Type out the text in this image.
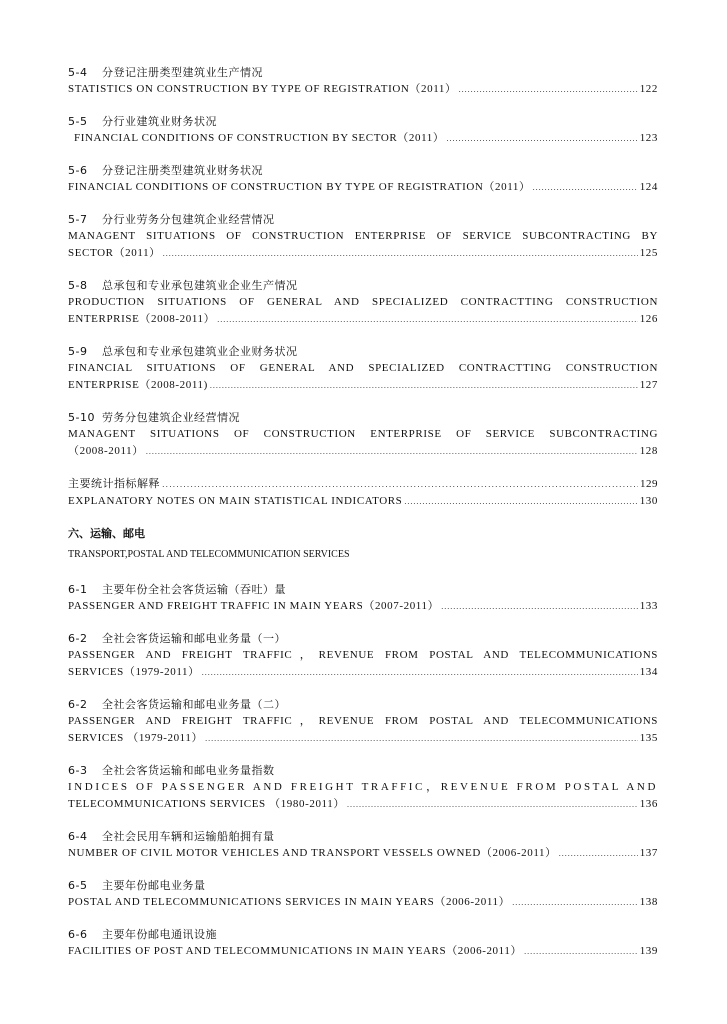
5-4 分登记注册类型建筑业生产情况
STATISTICS ON CONSTRUCTION BY TYPE OF REGISTRATION（2011） .....	122
5-5 分行业建筑业财务状况
FINANCIAL CONDITIONS OF CONSTRUCTION BY SECTOR（2011） .....	123
5-6 分登记注册类型建筑业财务状况
FINANCIAL CONDITIONS OF CONSTRUCTION BY TYPE OF REGISTRATION（2011） .....	124
5-7 分行业劳务分包建筑企业经营情况
MANAGENT SITUATIONS OF CONSTRUCTION ENTERPRISE OF SERVICE SUBCONTRACTING BY
SECTOR（2011） .....	125
5-8 总承包和专业承包建筑业企业生产情况
PRODUCTION SITUATIONS OF GENERAL AND SPECIALIZED CONTRACTTING CONSTRUCTION
ENTERPRISE（2008-2011） .....	126
5-9 总承包和专业承包建筑业企业财务状况
FINANCIAL SITUATIONS OF GENERAL AND SPECIALIZED CONTRACTTING CONSTRUCTION
ENTERPRISE（2008-2011) .....	127
5-10 劳务分包建筑企业经营情况
MANAGENT SITUATIONS OF CONSTRUCTION ENTERPRISE OF SERVICE SUBCONTRACTING
（2008-2011） .....	128
主要统计指标解释 .....	129
EXPLANATORY NOTES ON MAIN STATISTICAL INDICATORS .....	130
六、运输、邮电
TRANSPORT,POSTAL AND TELECOMMUNICATION SERVICES
6-1 主要年份全社会客货运输（吞吐）量
PASSENGER AND FREIGHT TRAFFIC IN MAIN YEARS（2007-2011） .....	133
6-2 全社会客货运输和邮电业务量（一）
PASSENGER AND FREIGHT TRAFFIC，REVENUE FROM POSTAL AND TELECOMMUNICATIONS
SERVICES（1979-2011） .....	134
6-2 全社会客货运输和邮电业务量（二）
PASSENGER AND FREIGHT TRAFFIC，REVENUE FROM POSTAL AND TELECOMMUNICATIONS
SERVICES （1979-2011） .....	135
6-3 全社会客货运输和邮电业务量指数
INDICES OF PASSENGER AND FREIGHT TRAFFIC，REVENUE FROM POSTAL AND
TELECOMMUNICATIONS SERVICES （1980-2011） .....	136
6-4 全社会民用车辆和运输船舶拥有量
NUMBER OF CIVIL MOTOR VEHICLES AND TRANSPORT VESSELS OWNED（2006-2011） .....	137
6-5 主要年份邮电业务量
POSTAL AND TELECOMMUNICATIONS SERVICES IN MAIN YEARS（2006-2011） .....	138
6-6 主要年份邮电通讯设施
FACILITIES OF POST AND TELECOMMUNICATIONS IN MAIN YEARS（2006-2011） .....	139
